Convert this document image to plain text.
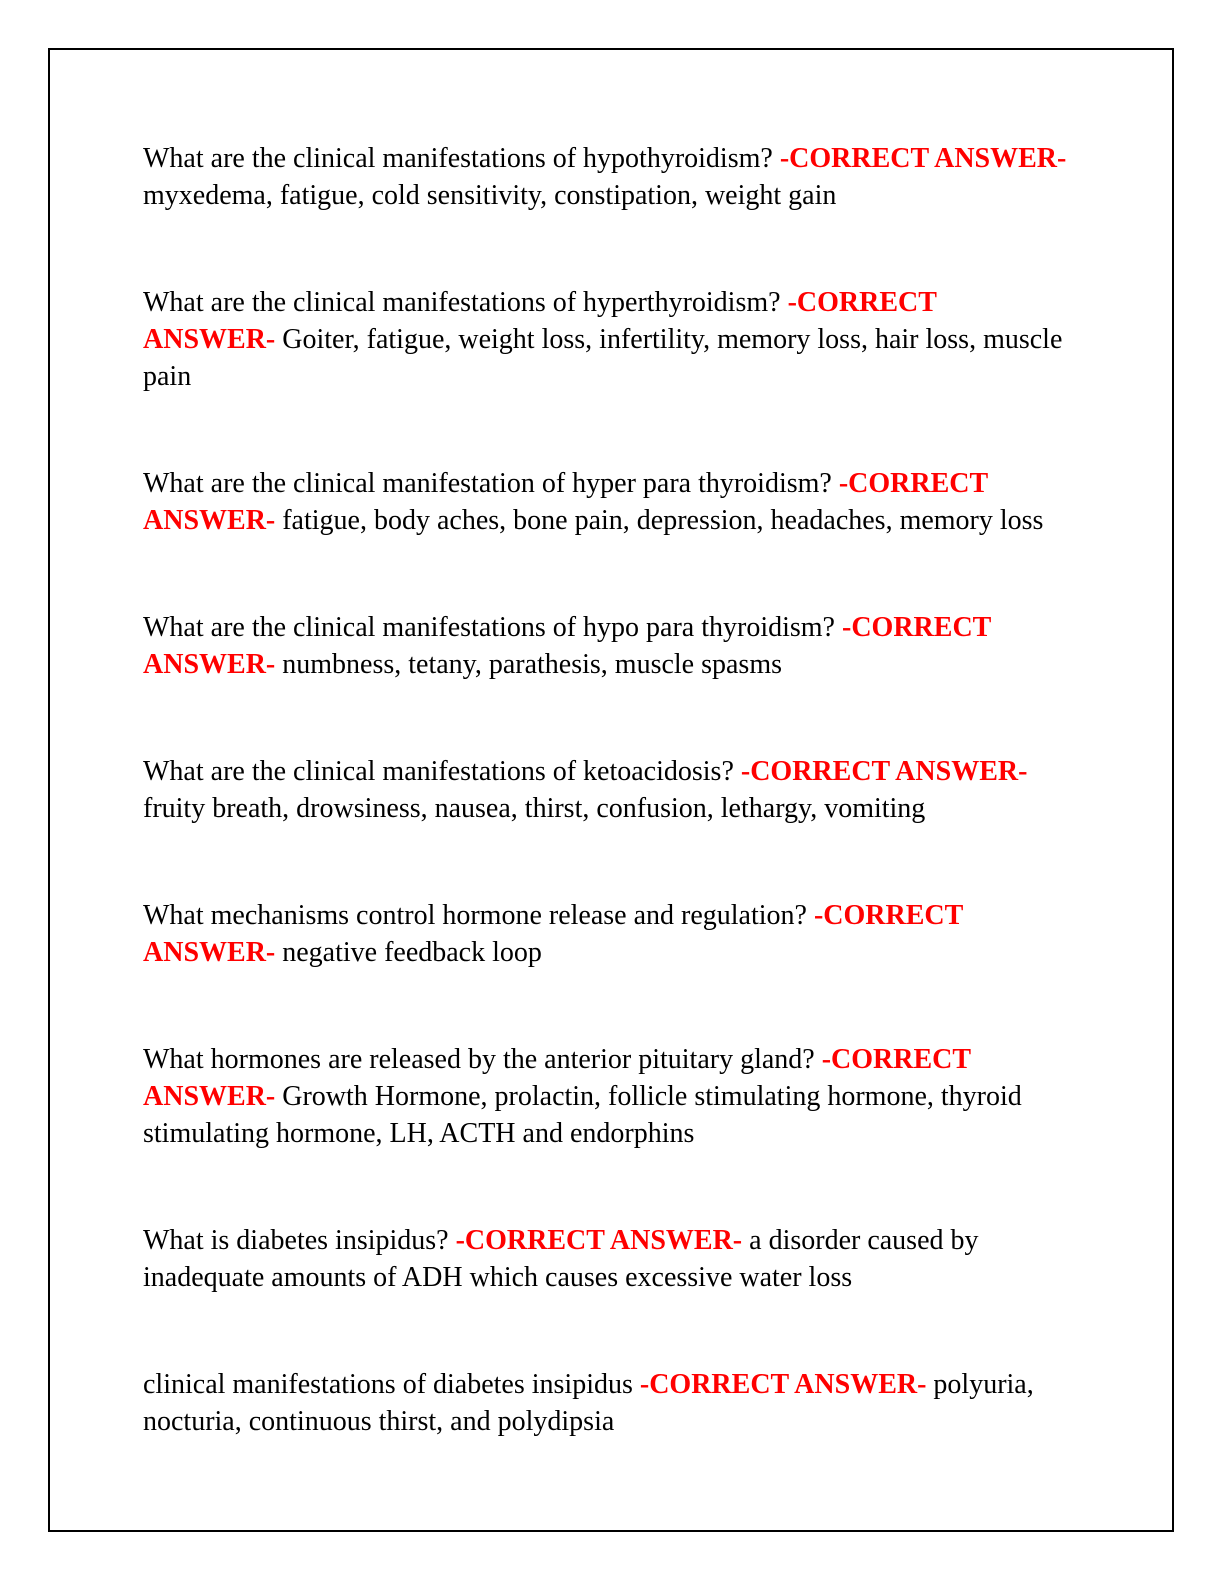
What are the clinical manifestations of hypothyroidism? -CORRECT ANSWER- myxedema, fatigue, cold sensitivity, constipation, weight gain

What are the clinical manifestations of hyperthyroidism? -CORRECT ANSWER- Goiter, fatigue, weight loss, infertility, memory loss, hair loss, muscle pain

What are the clinical manifestation of hyper para thyroidism? -CORRECT ANSWER- fatigue, body aches, bone pain, depression, headaches, memory loss

What are the clinical manifestations of hypo para thyroidism? -CORRECT ANSWER- numbness, tetany, parathesis, muscle spasms

What are the clinical manifestations of ketoacidosis? -CORRECT ANSWER- fruity breath, drowsiness, nausea, thirst, confusion, lethargy, vomiting

What mechanisms control hormone release and regulation? -CORRECT ANSWER- negative feedback loop

What hormones are released by the anterior pituitary gland? -CORRECT ANSWER- Growth Hormone, prolactin, follicle stimulating hormone, thyroid stimulating hormone, LH, ACTH and endorphins

What is diabetes insipidus? -CORRECT ANSWER- a disorder caused by inadequate amounts of ADH which causes excessive water loss

clinical manifestations of diabetes insipidus -CORRECT ANSWER- polyuria, nocturia, continuous thirst, and polydipsia
